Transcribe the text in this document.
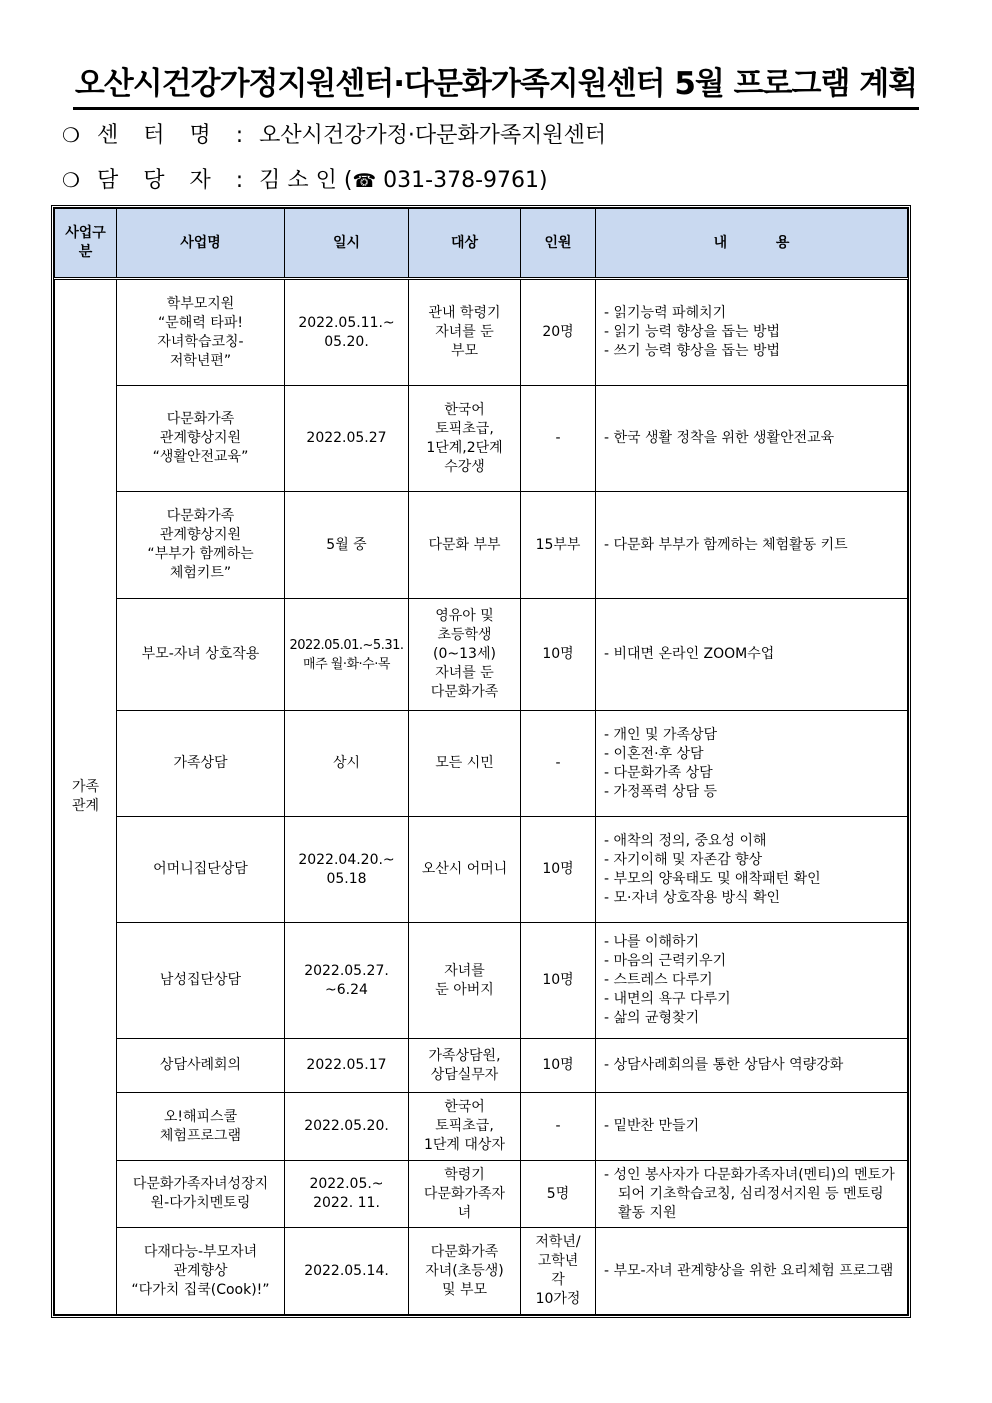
오산시건강가정지원센터·다문화가족지원센터 5월 프로그램 계획
❍ 센 터 명 : 오산시건강가정·다문화가족지원센터
❍ 담 당 자 : 김 소 인 (☎ 031-378-9761)
사업구분	사업명	일시	대상	인원	내          용

가족
관계	학부모지원
“문해력 타파!
자녀학습코칭-
저학년편”	2022.05.11.~
05.20.	관내 학령기
자녀를 둔
부모	20명	- 읽기능력 파헤치기
- 읽기 능력 향상을 돕는 방법
- 쓰기 능력 향상을 돕는 방법

	다문화가족
관계향상지원
“생활안전교육”	2022.05.27	한국어
토픽초급,
1단계,2단계
수강생	-	- 한국 생활 정착을 위한 생활안전교육

	다문화가족
관계향상지원
“부부가 함께하는
체험키트”	5월 중	다문화 부부	15부부	- 다문화 부부가 함께하는 체험활동 키트

	부모-자녀 상호작용	2022.05.01.~5.31.
매주 월·화·수·목	영유아 및
초등학생
(0~13세)
자녀를 둔
다문화가족	10명	- 비대면 온라인 ZOOM수업

	가족상담	상시	모든 시민	-	- 개인 및 가족상담
- 이혼전·후 상담
- 다문화가족 상담
- 가정폭력 상담 등

	어머니집단상담	2022.04.20.~
05.18	오산시 어머니	10명	- 애착의 정의, 중요성 이해
- 자기이해 및 자존감 향상
- 부모의 양육태도 및 애착패턴 확인
- 모·자녀 상호작용 방식 확인

	남성집단상담	2022.05.27.
~6.24	자녀를
둔 아버지	10명	- 나를 이해하기
- 마음의 근력키우기
- 스트레스 다루기
- 내면의 욕구 다루기
- 삶의 균형찾기

	상담사례회의	2022.05.17	가족상담원,
상담실무자	10명	- 상담사례회의를 통한 상담사 역량강화

	오!해피스쿨
체험프로그램	2022.05.20.	한국어
토픽초급,
1단계 대상자	-	- 밑반찬 만들기

	다문화가족자녀성장지
원-다가치멘토링	2022.05.~
2022. 11.	학령기
다문화가족자
녀	5명	- 성인 봉사자가 다문화가족자녀(멘티)의 멘토가 되어 기초학습코칭, 심리정서지원 등 멘토링 활동 지원

	다재다능-부모자녀
관계향상
“다가치 집쿡(Cook)!”	2022.05.14.	다문화가족
자녀(초등생)
및 부모	저학년/
고학년
각
10가정	- 부모-자녀 관계향상을 위한 요리체험 프로그램
